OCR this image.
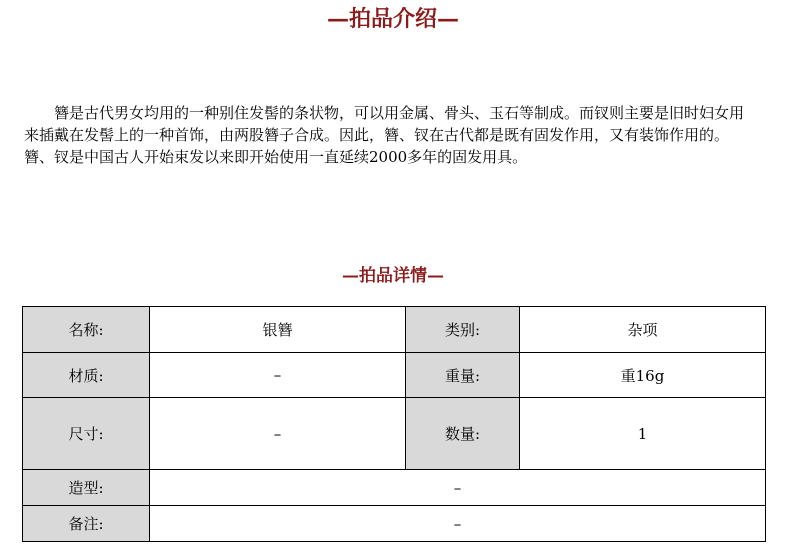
—拍品介绍—

簪是古代男女均用的一种别住发髻的条状物，可以用金属、骨头、玉石等制成。而钗则主要是旧时妇女用来插戴在发髻上的一种首饰，由两股簪子合成。因此，簪、钗在古代都是既有固发作用，又有装饰作用的。簪、钗是中国古人开始束发以来即开始使用一直延续2000多年的固发用具。

—拍品详情—
名称:	银簪	类别:	杂项
材质:	–	重量:	重16g
尺寸:	–	数量:	1
造型:	–		
备注:	–		
